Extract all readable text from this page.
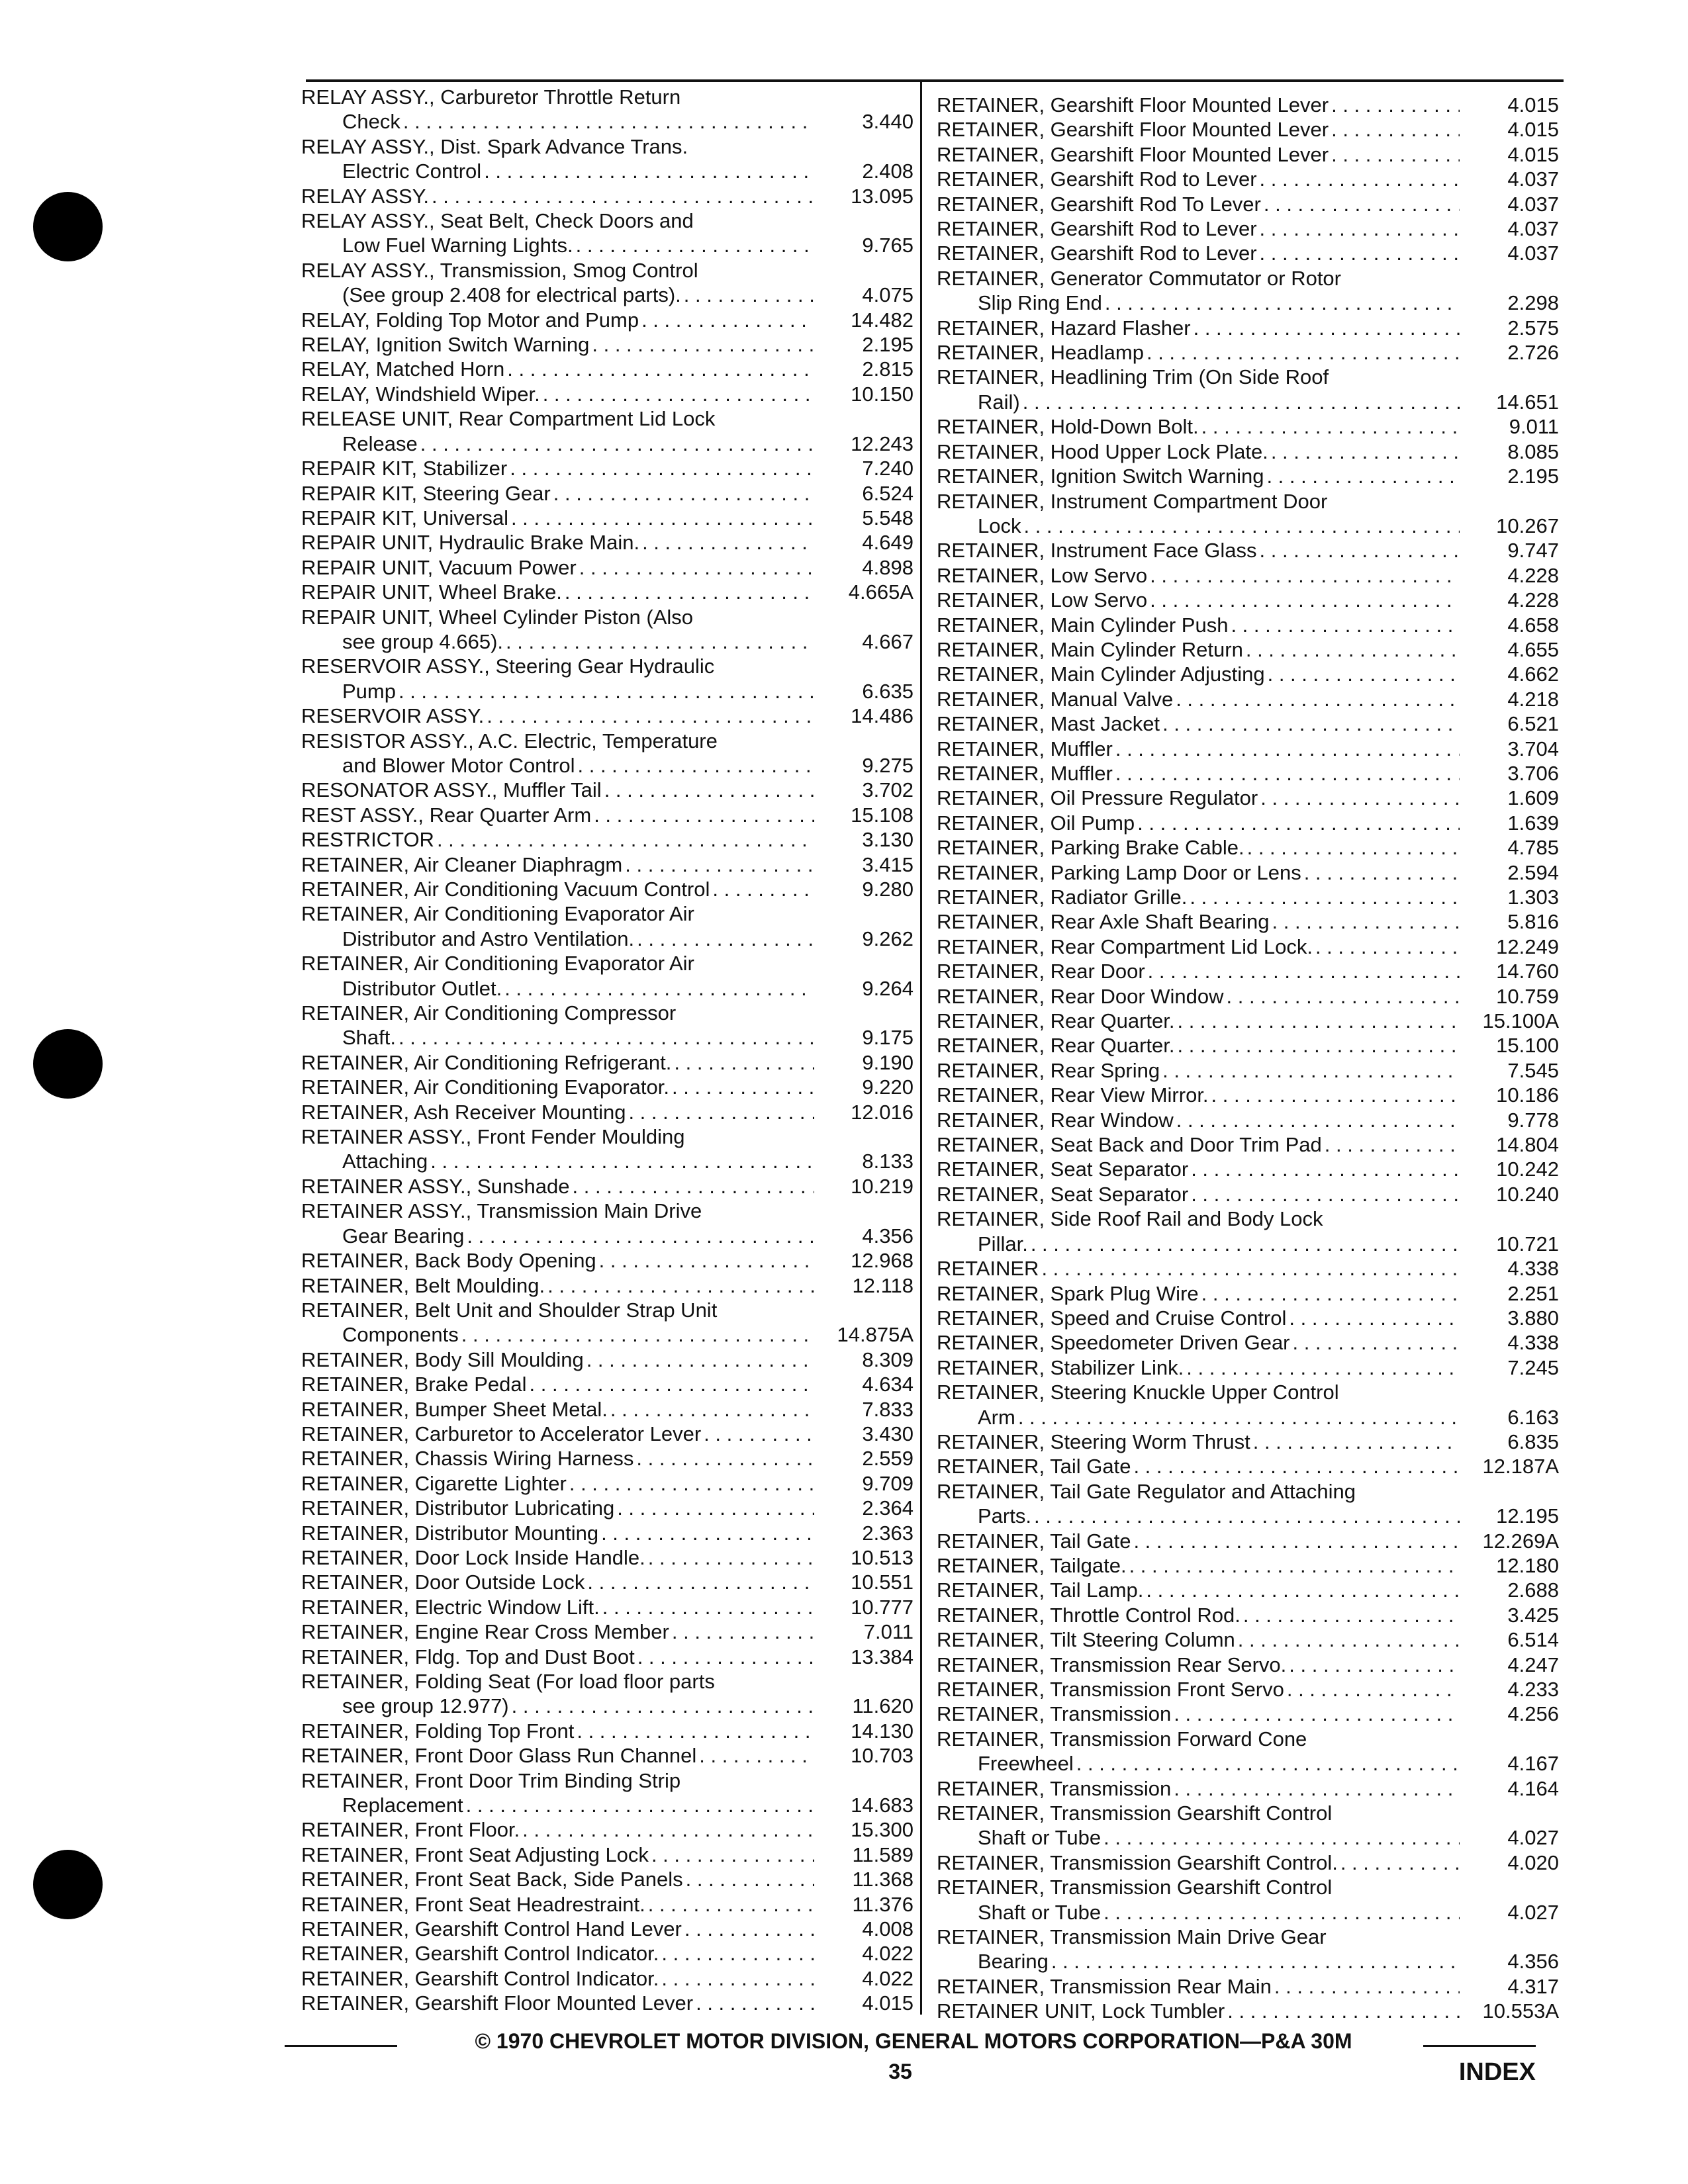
RELAY ASSY., Carburetor Throttle Return
Check . . .	3.440
RELAY ASSY., Dist. Spark Advance Trans.
Electric Control . . .	2.408
RELAY ASSY. . . .	13.095
RELAY ASSY., Seat Belt, Check Doors and
Low Fuel Warning Lights. . . .	9.765
RELAY ASSY., Transmission, Smog Control
(See group 2.408 for electrical parts). . . .	4.075
RELAY, Folding Top Motor and Pump . . .	14.482
RELAY, Ignition Switch Warning . . .	2.195
RELAY, Matched Horn . . .	2.815
RELAY, Windshield Wiper. . . .	10.150
RELEASE UNIT, Rear Compartment Lid Lock
Release . . .	12.243
REPAIR KIT, Stabilizer . . .	7.240
REPAIR KIT, Steering Gear . . .	6.524
REPAIR KIT, Universal . . .	5.548
REPAIR UNIT, Hydraulic Brake Main. . . .	4.649
REPAIR UNIT, Vacuum Power . . .	4.898
REPAIR UNIT, Wheel Brake. . . .	4.665A
REPAIR UNIT, Wheel Cylinder Piston (Also
see group 4.665). . . .	4.667
RESERVOIR ASSY., Steering Gear Hydraulic
Pump . . .	6.635
RESERVOIR ASSY. . . .	14.486
RESISTOR ASSY., A.C. Electric, Temperature
and Blower Motor Control . . .	9.275
RESONATOR ASSY., Muffler Tail . . .	3.702
REST ASSY., Rear Quarter Arm . . .	15.108
RESTRICTOR . . .	3.130
RETAINER, Air Cleaner Diaphragm . . .	3.415
RETAINER, Air Conditioning Vacuum Control . . .	9.280
RETAINER, Air Conditioning Evaporator Air
Distributor and Astro Ventilation. . . .	9.262
RETAINER, Air Conditioning Evaporator Air
Distributor Outlet. . . .	9.264
RETAINER, Air Conditioning Compressor
Shaft. . . .	9.175
RETAINER, Air Conditioning Refrigerant. . . .	9.190
RETAINER, Air Conditioning Evaporator. . . .	9.220
RETAINER, Ash Receiver Mounting . . .	12.016
RETAINER ASSY., Front Fender Moulding
Attaching . . .	8.133
RETAINER ASSY., Sunshade . . .	10.219
RETAINER ASSY., Transmission Main Drive
Gear Bearing . . .	4.356
RETAINER, Back Body Opening . . .	12.968
RETAINER, Belt Moulding. . . .	12.118
RETAINER, Belt Unit and Shoulder Strap Unit
Components . . .	14.875A
RETAINER, Body Sill Moulding . . .	8.309
RETAINER, Brake Pedal . . .	4.634
RETAINER, Bumper Sheet Metal. . . .	7.833
RETAINER, Carburetor to Accelerator Lever . . .	3.430
RETAINER, Chassis Wiring Harness . . .	2.559
RETAINER, Cigarette Lighter . . .	9.709
RETAINER, Distributor Lubricating . . .	2.364
RETAINER, Distributor Mounting . . .	2.363
RETAINER, Door Lock Inside Handle. . . .	10.513
RETAINER, Door Outside Lock . . .	10.551
RETAINER, Electric Window Lift. . . .	10.777
RETAINER, Engine Rear Cross Member . . .	7.011
RETAINER, Fldg. Top and Dust Boot . . .	13.384
RETAINER, Folding Seat (For load floor parts
see group 12.977) . . .	11.620
RETAINER, Folding Top Front . . .	14.130
RETAINER, Front Door Glass Run Channel . . .	10.703
RETAINER, Front Door Trim Binding Strip
Replacement . . .	14.683
RETAINER, Front Floor. . . .	15.300
RETAINER, Front Seat Adjusting Lock . . .	11.589
RETAINER, Front Seat Back, Side Panels . . .	11.368
RETAINER, Front Seat Headrestraint. . . .	11.376
RETAINER, Gearshift Control Hand Lever . . .	4.008
RETAINER, Gearshift Control Indicator. . . .	4.022
RETAINER, Gearshift Control Indicator. . . .	4.022
RETAINER, Gearshift Floor Mounted Lever . . .	4.015
RETAINER, Gearshift Floor Mounted Lever . . .	4.015
RETAINER, Gearshift Floor Mounted Lever . . .	4.015
RETAINER, Gearshift Floor Mounted Lever . . .	4.015
RETAINER, Gearshift Rod to Lever . . .	4.037
RETAINER, Gearshift Rod To Lever . . .	4.037
RETAINER, Gearshift Rod to Lever . . .	4.037
RETAINER, Gearshift Rod to Lever . . .	4.037
RETAINER, Generator Commutator or Rotor
Slip Ring End . . .	2.298
RETAINER, Hazard Flasher . . .	2.575
RETAINER, Headlamp . . .	2.726
RETAINER, Headlining Trim (On Side Roof
Rail) . . .	14.651
RETAINER, Hold-Down Bolt. . . .	9.011
RETAINER, Hood Upper Lock Plate. . . .	8.085
RETAINER, Ignition Switch Warning . . .	2.195
RETAINER, Instrument Compartment Door
Lock . . .	10.267
RETAINER, Instrument Face Glass . . .	9.747
RETAINER, Low Servo . . .	4.228
RETAINER, Low Servo . . .	4.228
RETAINER, Main Cylinder Push . . .	4.658
RETAINER, Main Cylinder Return . . .	4.655
RETAINER, Main Cylinder Adjusting . . .	4.662
RETAINER, Manual Valve . . .	4.218
RETAINER, Mast Jacket . . .	6.521
RETAINER, Muffler . . .	3.704
RETAINER, Muffler . . .	3.706
RETAINER, Oil Pressure Regulator . . .	1.609
RETAINER, Oil Pump . . .	1.639
RETAINER, Parking Brake Cable. . . .	4.785
RETAINER, Parking Lamp Door or Lens . . .	2.594
RETAINER, Radiator Grille. . . .	1.303
RETAINER, Rear Axle Shaft Bearing . . .	5.816
RETAINER, Rear Compartment Lid Lock. . . .	12.249
RETAINER, Rear Door . . .	14.760
RETAINER, Rear Door Window . . .	10.759
RETAINER, Rear Quarter. . . .	15.100A
RETAINER, Rear Quarter. . . .	15.100
RETAINER, Rear Spring . . .	7.545
RETAINER, Rear View Mirror. . . .	10.186
RETAINER, Rear Window . . .	9.778
RETAINER, Seat Back and Door Trim Pad . . .	14.804
RETAINER, Seat Separator . . .	10.242
RETAINER, Seat Separator . . .	10.240
RETAINER, Side Roof Rail and Body Lock
Pillar. . . .	10.721
RETAINER . . .	4.338
RETAINER, Spark Plug Wire . . .	2.251
RETAINER, Speed and Cruise Control . . .	3.880
RETAINER, Speedometer Driven Gear . . .	4.338
RETAINER, Stabilizer Link. . . .	7.245
RETAINER, Steering Knuckle Upper Control
Arm . . .	6.163
RETAINER, Steering Worm Thrust . . .	6.835
RETAINER, Tail Gate . . .	12.187A
RETAINER, Tail Gate Regulator and Attaching
Parts. . . .	12.195
RETAINER, Tail Gate . . .	12.269A
RETAINER, Tailgate. . . .	12.180
RETAINER, Tail Lamp. . . .	2.688
RETAINER, Throttle Control Rod. . . .	3.425
RETAINER, Tilt Steering Column . . .	6.514
RETAINER, Transmission Rear Servo. . . .	4.247
RETAINER, Transmission Front Servo . . .	4.233
RETAINER, Transmission . . .	4.256
RETAINER, Transmission Forward Cone
Freewheel . . .	4.167
RETAINER, Transmission . . .	4.164
RETAINER, Transmission Gearshift Control
Shaft or Tube . . .	4.027
RETAINER, Transmission Gearshift Control. . . .	4.020
RETAINER, Transmission Gearshift Control
Shaft or Tube . . .	4.027
RETAINER, Transmission Main Drive Gear
Bearing . . .	4.356
RETAINER, Transmission Rear Main . . .	4.317
RETAINER UNIT, Lock Tumbler . . .	10.553A
© 1970 CHEVROLET MOTOR DIVISION, GENERAL MOTORS CORPORATION—P&A 30M
35	INDEX
